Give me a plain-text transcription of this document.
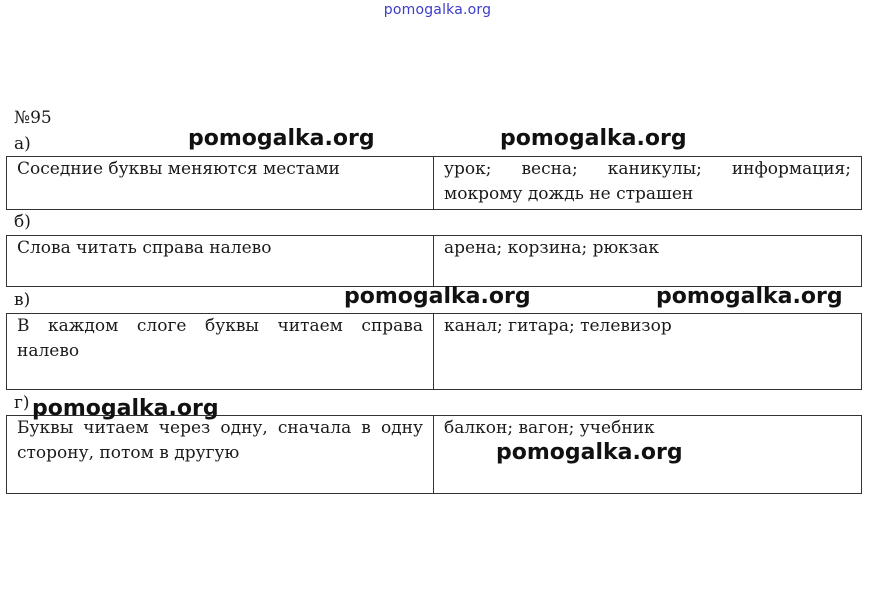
pomogalka.org
№95
а)
Соседние буквы меняются местами	урок; весна; каникулы; информация; мокрому дождь не страшен
б)
Слова читать справа налево	арена; корзина; рюкзак
в)
В каждом слоге буквы читаем справа налево	канал; гитара; телевизор
г)
Буквы читаем через одну, сначала в одну сторону, потом в другую	балкон; вагон; учебник
pomogalka.org	pomogalka.org
pomogalka.org	pomogalka.org
pomogalka.org
pomogalka.org
